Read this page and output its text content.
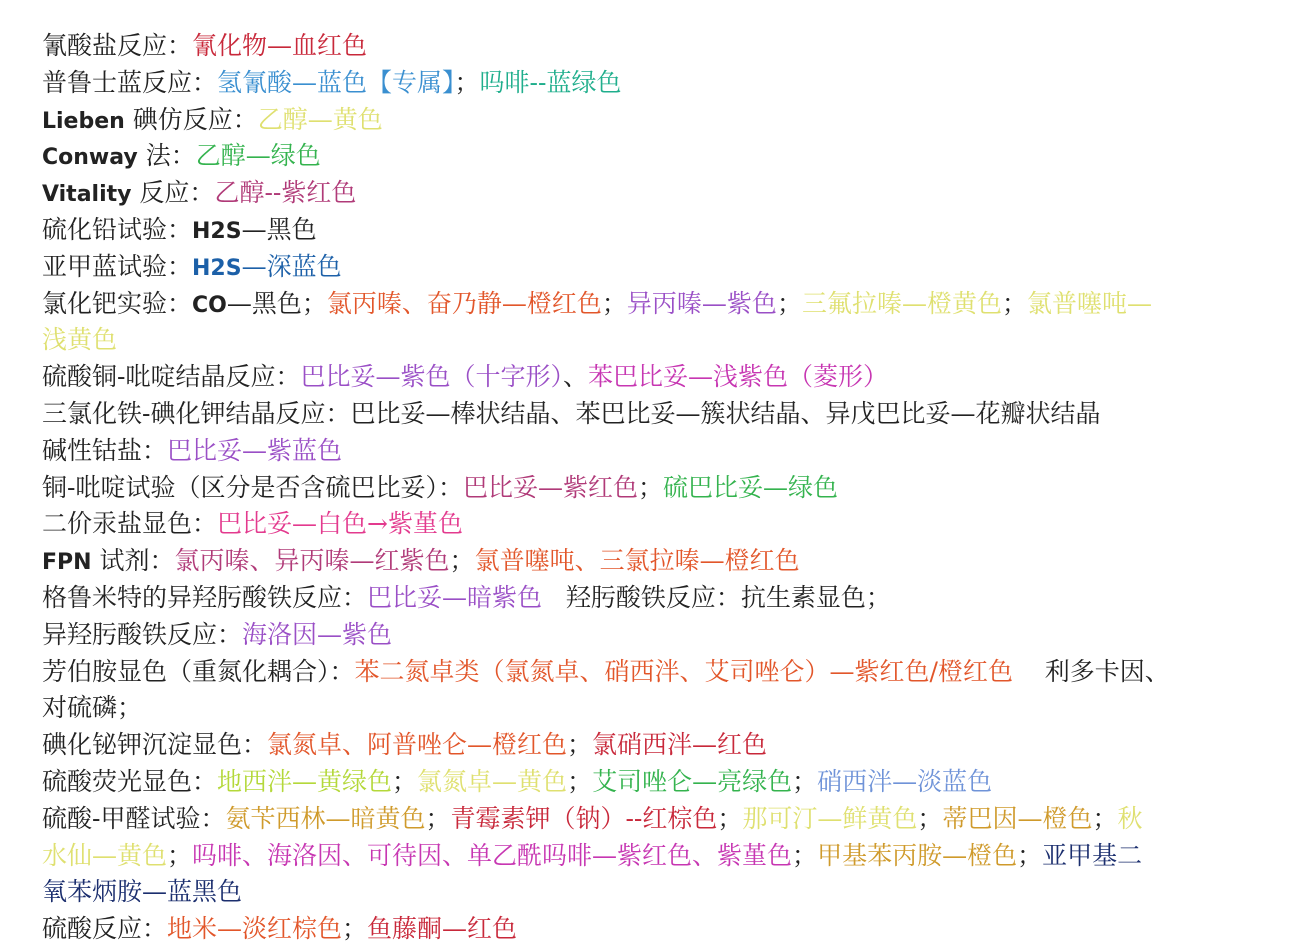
氰酸盐反应：氰化物—血红色
普鲁士蓝反应：氢氰酸—蓝色【专属】；吗啡--蓝绿色
Lieben 碘仿反应：乙醇—黄色
Conway 法：乙醇—绿色
Vitality 反应：乙醇--紫红色
硫化铅试验：H2S—黑色
亚甲蓝试验：H2S—深蓝色
氯化钯实验：CO—黑色；氯丙嗪、奋乃静—橙红色；异丙嗪—紫色；三氟拉嗪—橙黄色；氯普噻吨—
浅黄色
硫酸铜-吡啶结晶反应：巴比妥—紫色（十字形）、苯巴比妥—浅紫色（菱形）
三氯化铁-碘化钾结晶反应：巴比妥—棒状结晶、苯巴比妥—簇状结晶、异戊巴比妥—花瓣状结晶
碱性钴盐：巴比妥—紫蓝色
铜-吡啶试验（区分是否含硫巴比妥）：巴比妥—紫红色；硫巴比妥—绿色
二价汞盐显色：巴比妥—白色→紫堇色
FPN 试剂：氯丙嗪、异丙嗪—红紫色；氯普噻吨、三氯拉嗪—橙红色
格鲁米特的异羟肟酸铁反应：巴比妥—暗紫色   羟肟酸铁反应：抗生素显色；
异羟肟酸铁反应：海洛因—紫色
芳伯胺显色（重氮化耦合）：苯二氮卓类（氯氮卓、硝西泮、艾司唑仑）—紫红色/橙红色    利多卡因、
对硫磷；
碘化铋钾沉淀显色：氯氮卓、阿普唑仑—橙红色；氯硝西泮—红色
硫酸荧光显色：地西泮—黄绿色；氯氮卓—黄色；艾司唑仑—亮绿色；硝西泮—淡蓝色
硫酸-甲醛试验：氨苄西林—暗黄色；青霉素钾（钠）--红棕色；那可汀—鲜黄色；蒂巴因—橙色；秋
水仙—黄色；吗啡、海洛因、可待因、单乙酰吗啡—紫红色、紫堇色；甲基苯丙胺—橙色；亚甲基二
氧苯炳胺—蓝黑色
硫酸反应：地米—淡红棕色；鱼藤酮—红色
